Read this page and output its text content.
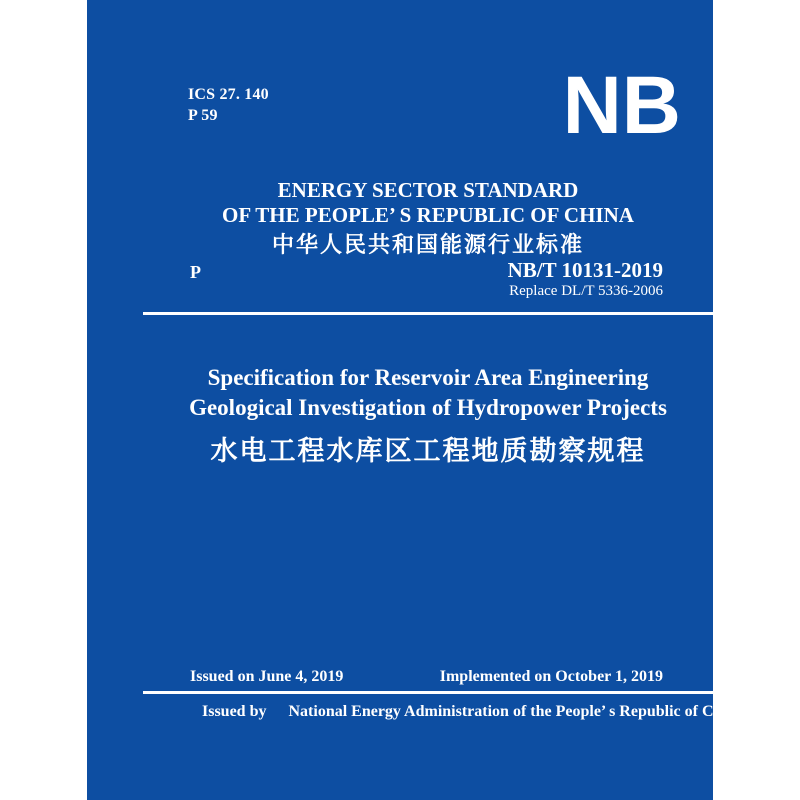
ICS 27. 140
P 59	NB
ENERGY SECTOR STANDARD
OF THE PEOPLE’ S REPUBLIC OF CHINA
中华人民共和国能源行业标准
P	NB/T 10131-2019
Replace DL/T 5336-2006
Specification for Reservoir Area Engineering
Geological Investigation of Hydropower Projects
水电工程水库区工程地质勘察规程
Issued on June 4, 2019	Implemented on October 1, 2019
Issued by National Energy Administration of the People’ s Republic of China
